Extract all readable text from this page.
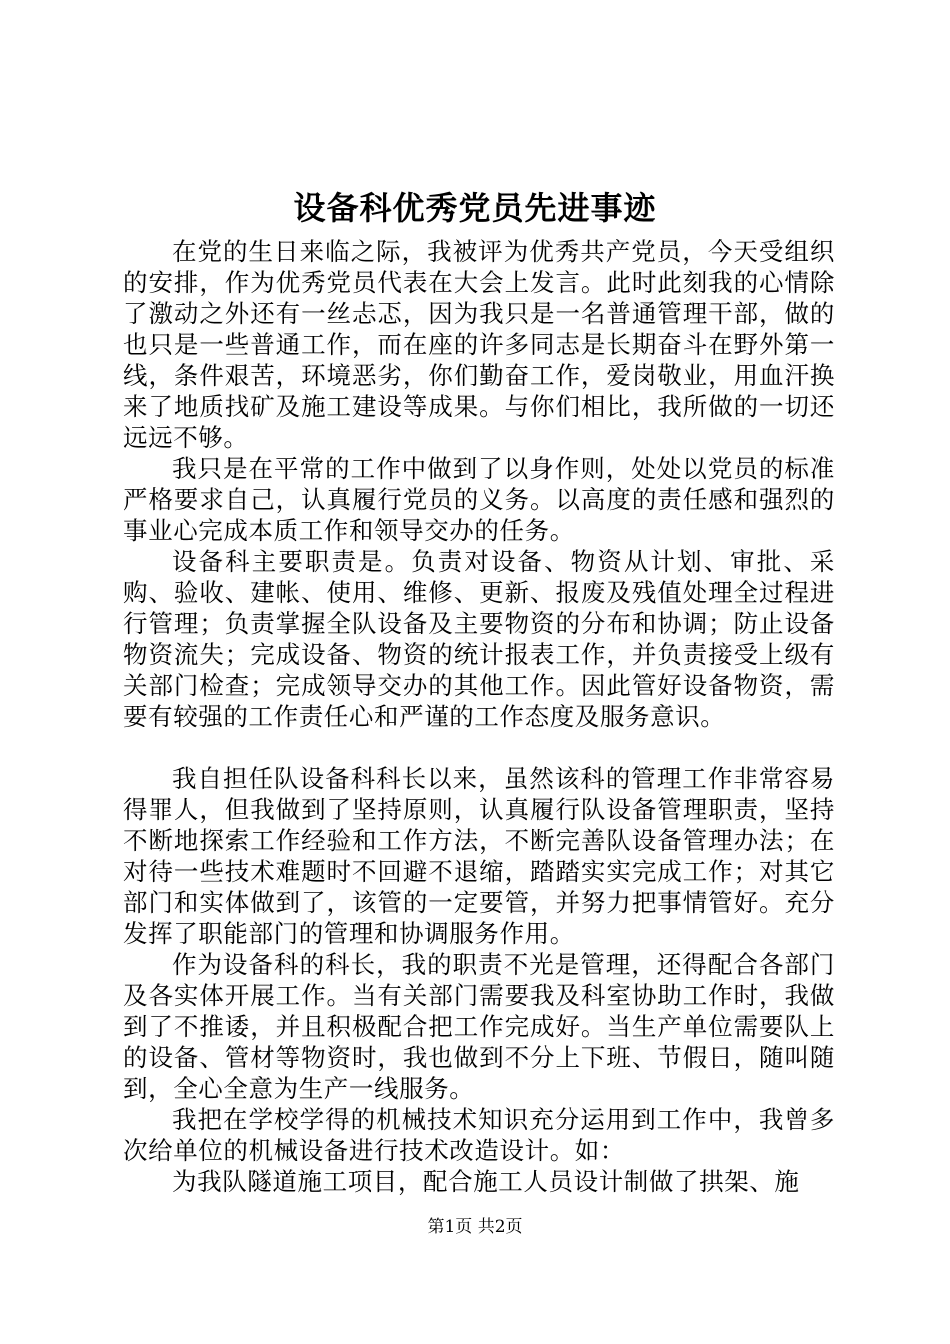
设备科优秀党员先进事迹

在党的生日来临之际，我被评为优秀共产党员，今天受组织的安排，作为优秀党员代表在大会上发言。此时此刻我的心情除了激动之外还有一丝忐忑，因为我只是一名普通管理干部，做的也只是一些普通工作，而在座的许多同志是长期奋斗在野外第一线，条件艰苦，环境恶劣，你们勤奋工作，爱岗敬业，用血汗换来了地质找矿及施工建设等成果。与你们相比，我所做的一切还远远不够。

我只是在平常的工作中做到了以身作则，处处以党员的标准严格要求自己，认真履行党员的义务。以高度的责任感和强烈的事业心完成本质工作和领导交办的任务。

设备科主要职责是。负责对设备、物资从计划、审批、采购、验收、建帐、使用、维修、更新、报废及残值处理全过程进行管理；负责掌握全队设备及主要物资的分布和协调；防止设备物资流失；完成设备、物资的统计报表工作，并负责接受上级有关部门检查；完成领导交办的其他工作。因此管好设备物资，需要有较强的工作责任心和严谨的工作态度及服务意识。

我自担任队设备科科长以来，虽然该科的管理工作非常容易得罪人，但我做到了坚持原则，认真履行队设备管理职责，坚持不断地探索工作经验和工作方法，不断完善队设备管理办法；在对待一些技术难题时不回避不退缩，踏踏实实完成工作；对其它部门和实体做到了，该管的一定要管，并努力把事情管好。充分发挥了职能部门的管理和协调服务作用。

作为设备科的科长，我的职责不光是管理，还得配合各部门及各实体开展工作。当有关部门需要我及科室协助工作时，我做到了不推诿，并且积极配合把工作完成好。当生产单位需要队上的设备、管材等物资时，我也做到不分上下班、节假日，随叫随到，全心全意为生产一线服务。

我把在学校学得的机械技术知识充分运用到工作中，我曾多次给单位的机械设备进行技术改造设计。如：

为我队隧道施工项目，配合施工人员设计制做了拱架、施

第1页 共2页
